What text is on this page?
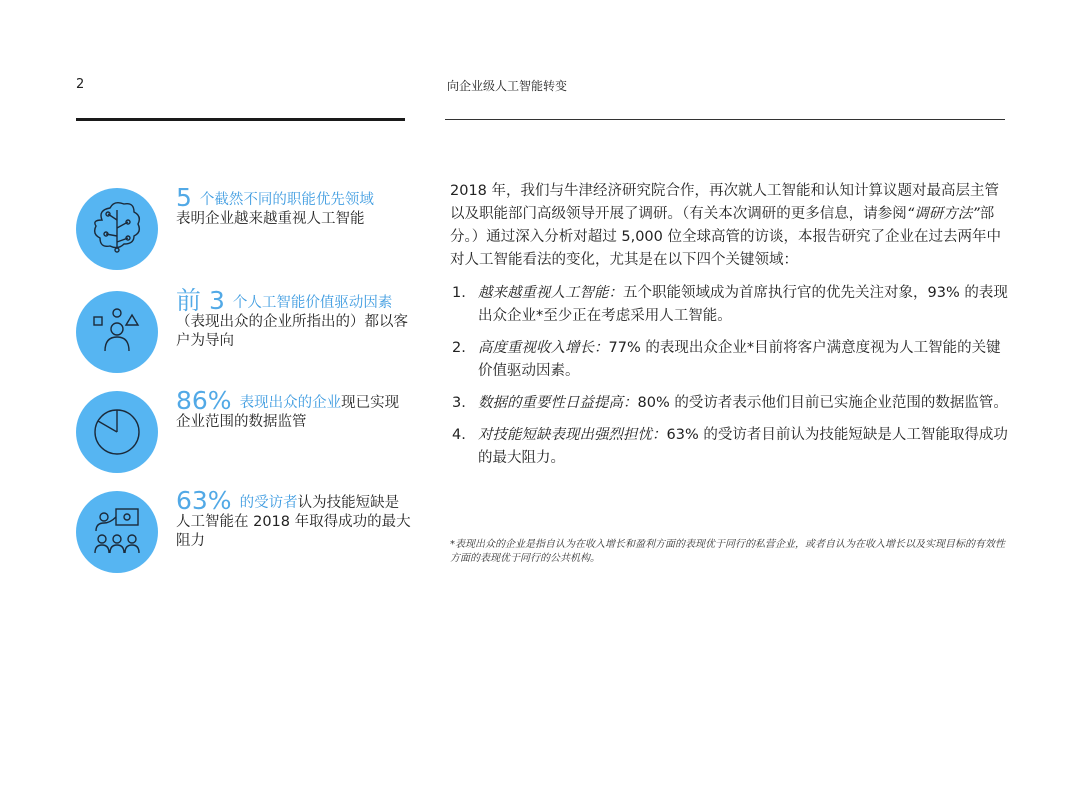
2	向企业级人工智能转变
5 个截然不同的职能优先领域
表明企业越来越重视人工智能
前 3 个人工智能价值驱动因素（表现出众的企业所指出的）都以客户为导向
86% 表现出众的企业现已实现企业范围的数据监管
63% 的受访者认为技能短缺是人工智能在 2018 年取得成功的最大阻力

2018 年，我们与牛津经济研究院合作，再次就人工智能和认知计算议题对最高层主管以及职能部门高级领导开展了调研。（有关本次调研的更多信息，请参阅“调研方法”部分。）通过深入分析对超过 5,000 位全球高管的访谈，本报告研究了企业在过去两年中对人工智能看法的变化，尤其是在以下四个关键领域：

1. 越来越重视人工智能：五个职能领域成为首席执行官的优先关注对象，93% 的表现出众企业*至少正在考虑采用人工智能。
2. 高度重视收入增长：77% 的表现出众企业*目前将客户满意度视为人工智能的关键价值驱动因素。
3. 数据的重要性日益提高：80% 的受访者表示他们目前已实施企业范围的数据监管。
4. 对技能短缺表现出强烈担忧：63% 的受访者目前认为技能短缺是人工智能取得成功的最大阻力。
*表现出众的企业是指自认为在收入增长和盈利方面的表现优于同行的私营企业，或者自认为在收入增长以及实现目标的有效性方面的表现优于同行的公共机构。
